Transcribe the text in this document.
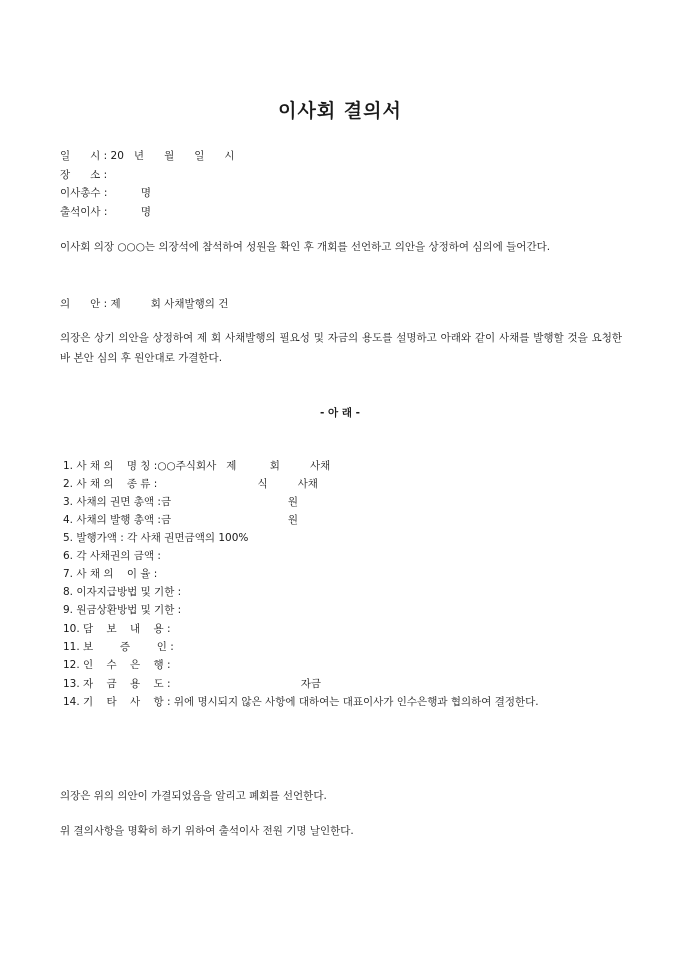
이사회 결의서
일      시 : 20   년      월      일      시
장      소 :
이사총수 :          명
출석이사 :          명
이사회 의장 ○○○는 의장석에 참석하여 성원을 확인 후 개회를 선언하고 의안을 상정하여 심의에 들어간다.
의      안 : 제         회 사채발행의 건
의장은 상기 의안을 상정하여 제 회 사채발행의 필요성 및 자금의 용도를 설명하고 아래와 같이 사채를 발행할 것을 요청한 바 본안 심의 후 원안대로 가결한다.
- 아 래 -
1. 사 채 의    명 칭 :○○주식회사   제          회         사채
2. 사 채 의    종 류 :                              식         사채
3. 사채의 권면 총액 :금                                   원
4. 사채의 발행 총액 :금                                   원
5. 발행가액 : 각 사채 권면금액의 100%
6. 각 사채권의 금액 :
7. 사 채 의    이 율 :
8. 이자지급방법 및 기한 :
9. 원금상환방법 및 기한 :
10. 담    보    내    용 :
11. 보        증        인 :
12. 인    수    은    행 :
13. 자    금    용    도 :                                       자금
14. 기    타    사    항 : 위에 명시되지 않은 사항에 대하여는 대표이사가 인수은행과 협의하여 결정한다.
의장은 위의 의안이 가결되었음을 알리고 폐회를 선언한다.
위 결의사항을 명확히 하기 위하여 출석이사 전원 기명 날인한다.
